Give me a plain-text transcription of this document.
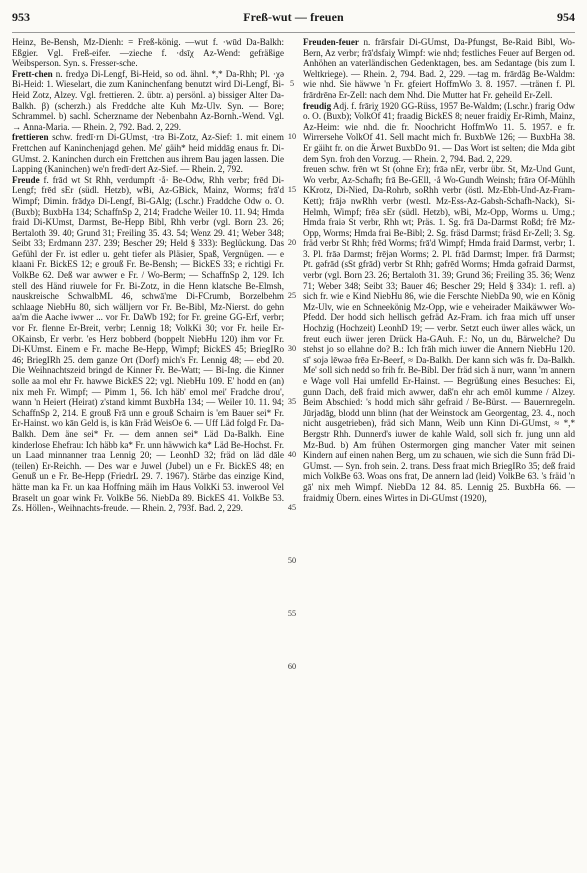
953	Freß-wut — freuen	954

Heinz, Be-Bensh, Mz-Dienh: = Freß-könig. —wut f. ·wūd Da-Balkh: Eßgier. Vgl. Freß-eifer. —zieche f. ·dsīχ Az-Wend: gefräßige Weibsperson. Syn. s. Fresser-sche.

Frett-chen n. fredχə Di-Lengf, Bi-Heid, so od. ähnl. *,* Da-Rhh; Pl. ·χə Bi-Heid: 1. Wieselart, die zum Kaninchenfang benutzt wird Di-Lengf, Bi-Heid Zotz, Alzey. Vgl. frettieren. 2. übtr. a) persönl. a) bissiger Alter Da-Balkh. β) (scherzh.) als Freddche alte Kuh Mz-Ulv. Syn. — Bore; Schrammel. b) sachl. Scherzname der Nebenbahn Az-Bornh.-Wend. Vgl. → Anna-Maria. — Rhein. 2, 792. Bad. 2, 229.

frettieren schw. fredī·rn Di-GUmst, ·trə Bi-Zotz, Az-Sief: 1. mit einem Frettchen auf Kaninchenjagd gehen. Me' gäih* heid middāg enaus fr. Di-GUmst. 2. Kaninchen durch ein Frettchen aus ihrem Bau jagen lassen. Die Lapping (Kaninchen) we'n fredī·dert Az-Sief. — Rhein. 2, 792.

Freude f. frād wt St Rhh, verdumpft ·å· Be-Odw, Rhh verbr; frēd Di-Lengf; frēd sEr (südl. Hetzb), wBi, Az-GBick, Mainz, Worms; frā'd Wimpf; Dimin. frādχə Di-Lengf, Bi-GAlg; (Lschr.) Fraddche Odw o. O. (Buxb); BuxbHa 134; SchaffnSp 2, 214; Fradche Weiler 10. 11. 94; Hmda fraid Di-KUmst, Darmst, Be-Hepp Bibl, Rhh verbr (vgl. Born 23. 26; Bertaloth 39. 40; Grund 31; Freiling 35. 43. 54; Wenz 29. 41; Weber 348; Seibt 33; Erdmann 237. 239; Bescher 29; Held § 333): Beglückung. Das Gefühl der Fr. ist edler u. geht tiefer als Pläsier, Spaß, Vergnügen. — e klaani Fr. BickES 12; e grouß Fr. Be-Bensh; — BickES 33; e richtigi Fr. VolkBe 62. Deß war awwer e Fr. / Wo-Berm; — SchaffnSp 2, 129. Ich stell des Händ riuwele for Fr. Bi-Zotz, in die Henn klatsche Be-Elmsh, nauskreische SchwalbML 46, schwā'me Di-FCrumb, Borzelbehm schlaage NiebHu 80, sich wälljern vor Fr. Be-Bibl, Mz-Nierst. do gehn aa'm die Aache iwwer ... vor Fr. DaWb 192; for Fr. greine GG-Erf, verbr; vor Fr. flenne Er-Breit, verbr; Lennig 18; VolkKi 30; vor Fr. heile Er-OKainsb, Er verbr. 'es Herz bobberd (boppelt NiebHu 120) ihm vor Fr. Di-KUmst. Einem e Fr. mache Be-Hepp, Wimpf; BickES 45; BriegIRo 46; BriegIRh 25. dem ganze Ort (Dorf) mich's Fr. Lennig 48; — ebd 20. Die Weihnachtszeid bringd de Kinner Fr. Be-Watt; — Bi-Ing. die Kinner solle aa mol ehr Fr. hawwe BickES 22; vgl. NiebHu 109. E' hodd en (an) nix meh Fr. Wimpf; — Pimm 1, 56. Ich häb' emol mei' Fradche drou', wann 'n Heiert (Heirat) z'stand kimmt BuxbHa 134; — Weiler 10. 11. 94; SchaffnSp 2, 214. E grouß Frā unn e grouß Schairn is 'em Bauer sei* Fr. Er-Hainst. wo kān Geld is, is kān Fräd WeisOe 6. — Uff Läd folgd Fr. Da-Balkh. Dem äne sei* Fr. — dem annen sei* Läd Da-Balkh. Eine kinderlose Ehefrau: Ich häbb ka* Fr. unn häwwich ka* Läd Be-Hochst. Fr. un Laad minnanner traa Lennig 20; — LeonhD 32; fräd on läd dāle (teilen) Er-Reichh. — Des war e Juwel (Jubel) un e Fr. BickES 48; en Genuß un e Fr. Be-Hepp (FriedrL 29. 7. 1967). Stärbe das einzige Kind, hätte man ka Fr. un kaa Hoffning mäih im Haus VolkKi 53. inwerool Vel Braselt un goar wink Fr. VolkBe 56. NiebDa 89. BickES 41. VolkBe 53. Zs. Höllen-, Weihnachts-freude. — Rhein. 2, 793f. Bad. 2, 229.

5
10
15
20
25
30
35
40
45
50
55
60

Freuden-feuer n. frārsfair Di-GUmst, Da-Pfungst, Be-Raid Bibl, Wo-Bern, Az verbr; frā'dsfaiχ Wimpf: wie nhd; festliches Feuer auf Bergen od. Anhöhen an vaterländischen Gedenktagen, bes. am Sedantage (bis zum I. Weltkriege). — Rhein. 2, 794. Bad. 2, 229. —tag m. frārdāg Be-Waldm: wie nhd. Sie häwwe 'n Fr. gfeiert HoffmWo 3. 8. 1957. —tränen f. Pl. frārdrēnə Er-Zell: nach dem Nhd. Die Mutter hat Fr. geheild Er-Zell.

freudig Adj. f. frāriχ 1920 GG-Rüss, 1957 Be-Waldm; (Lschr.) frarig Odw o. O. (Buxb); VolkOf 41; fraadig BickES 8; neuer fraidiχ Er-Rimh, Mainz, Az-Heim: wie nhd. die fr. Noochricht HoffmWo 11. 5. 1957. e fr. Wirrersehe VolkOf 41. Sell macht mich fr. BuxbWe 126; — BuxbHa 38. Er gäiht fr. on die Ärwet BuxbDo 91. — Das Wort ist selten; die Mda gibt dem Syn. froh den Vorzug. — Rhein. 2, 794. Bad. 2, 229.

freuen schw. frēn wt St (ohne Er); frāə nEr, verbr übr. St, Mz-Und Gunt, Wo verbr, Az-Schafh; frā Be-GEll, ·å Wo-Gundh Weinsh; frārə Of-Mühlh KKrotz, Di-Nied, Da-Rohrb, soRhh verbr (östl. Mz-Ebh-Und-Az-Fram-Kett); frājə nwRhh verbr (westl. Mz-Ess-Az-Gabsh-Schafh-Nack), Si-Helmh, Wimpf; frēə sEr (südl. Hetzb), wBi, Mz-Opp, Worms u. Umg.; Hmda fraiə St verbr, Rhh wt; Präs. 1. Sg. frā Da-Darmst Roßd; frē Mz-Opp, Worms; Hmda frai Be-Bibl; 2. Sg. fräsd Darmst; fräsd Er-Zell; 3. Sg. fräd verbr St Rhh; frēd Worms; frā'd Wimpf; Hmda fraid Darmst, verbr; 1. 3. Pl. frāə Darmst; frējən Worms; 2. Pl. frād Darmst; Imper. frā Darmst; Pt. gəfrād (sSt gfrād) verbr St Rhh; gəfrēd Worms; Hmda gəfraid Darmst, verbr (vgl. Born 23. 26; Bertaloth 31. 39; Grund 36; Freiling 35. 36; Wenz 71; Weber 348; Seibt 33; Bauer 46; Bescher 29; Held § 334): 1. refl. a) sich fr. wie e Kind NiebHu 86, wie die Ferschte NiebDa 90, wie en König Mz-Ulv, wie en Schneekönig Mz-Opp, wie e veheirader Maikäwwer Wo-Pfedd. Der hodd sich hellisch gefräd Az-Fram. ich fraa mich uff unser Hochzig (Hochzeit) LeonhD 19; — verbr. Setzt euch üwer alles wäck, un freut euch üwer jeren Drück Ha-GAuh. F.: No, un du, Bärwelche? Du stehst jo so ellahne do? B.: Ich frāh mich iuwer die Annern NiebHu 120. sī' sojə lēwəə frēə Er-Beerf, ≈ Da-Balkh. Der kann sich wās fr. Da-Balkh. Me' soll sich nedd so frih fr. Be-Bibl. Der fräd sich ä nurr, wann 'm annern e Wage voll Hai umfelld Er-Hainst. — Begrüßung eines Besuches: Ei, gunn Dach, deß fraid mich awwer, daß'n ehr ach emōl kumme / Alzey. Beim Abschied: 's hodd mich sähr gefraid / Be-Bürst. — Bauernregeln. Jūrjədāg, blodd unn blinn (hat der Weinstock am Georgentag, 23. 4., noch nicht ausgetrieben), fräd sich Mann, Weib unn Kinn Di-GUmst, ≈ *,* Bergstr Rhh. Dunnerd's iuwer de kahle Wald, soll sich fr. jung unn ald Mz-Bud. b) Am frühen Ostermorgen ging mancher Vater mit seinen Kindern auf einen nahen Berg, um zu schauen, wie sich die Sunn fräd Di-GUmst. — Syn. froh sein. 2. trans. Dess fraat mich BriegIRo 35; deß fraid mich VolkBe 63. Woas ons frat, De annern lad (leid) VolkBe 63. 's fräid 'n gā' nix meh Wimpf. NiebDa 12 84. 85. Lennig 25. BuxbHa 66. — fraidmiχ Übern. eines Wirtes in Di-GUmst (1920),
